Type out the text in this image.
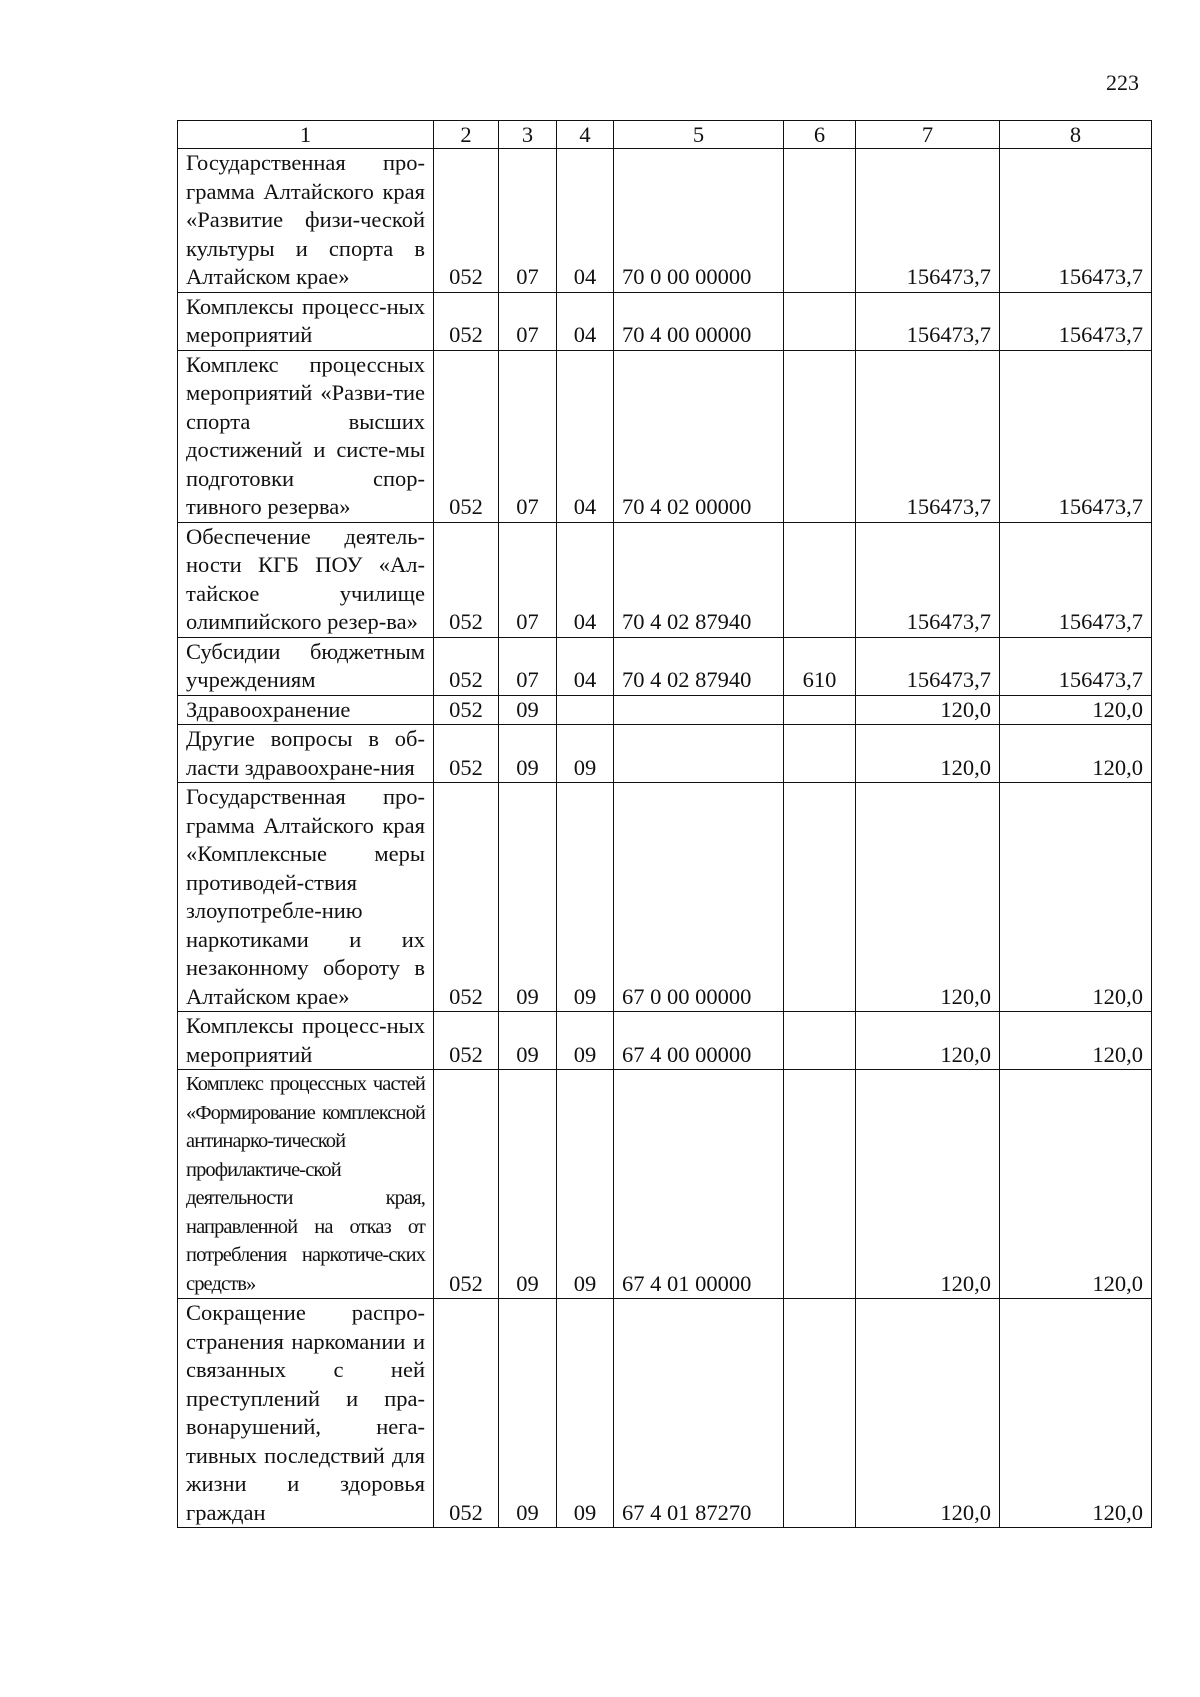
223
1	2	3	4	5	6	7	8
Государственная про-грамма Алтайского края «Развитие физи-ческой культуры и спорта в Алтайском крае»	052	07	04	70 0 00 00000		156473,7	156473,7
Комплексы процесс-ных мероприятий	052	07	04	70 4 00 00000		156473,7	156473,7
Комплекс процессных мероприятий «Разви-тие спорта высших достижений и систе-мы подготовки спор-тивного резерва»	052	07	04	70 4 02 00000		156473,7	156473,7
Обеспечение деятель-ности КГБ ПОУ «Ал-тайское училище олимпийского резер-ва»	052	07	04	70 4 02 87940		156473,7	156473,7
Субсидии бюджетным учреждениям	052	07	04	70 4 02 87940	610	156473,7	156473,7
Здравоохранение	052	09				120,0	120,0
Другие вопросы в об-ласти здравоохране-ния	052	09	09			120,0	120,0
Государственная про-грамма Алтайского края «Комплексные меры противодей-ствия злоупотребле-нию наркотиками и их незаконному обороту в Алтайском крае»	052	09	09	67 0 00 00000		120,0	120,0
Комплексы процесс-ных мероприятий	052	09	09	67 4 00 00000		120,0	120,0
Комплекс процессных частей «Формирование комплексной антинарко-тической профилактиче-ской деятельности края, направленной на отказ от потребления наркотиче-ских средств»	052	09	09	67 4 01 00000		120,0	120,0
Сокращение распро-странения наркомании и связанных с ней преступлений и пра-вонарушений, нега-тивных последствий для жизни и здоровья граждан	052	09	09	67 4 01 87270		120,0	120,0
